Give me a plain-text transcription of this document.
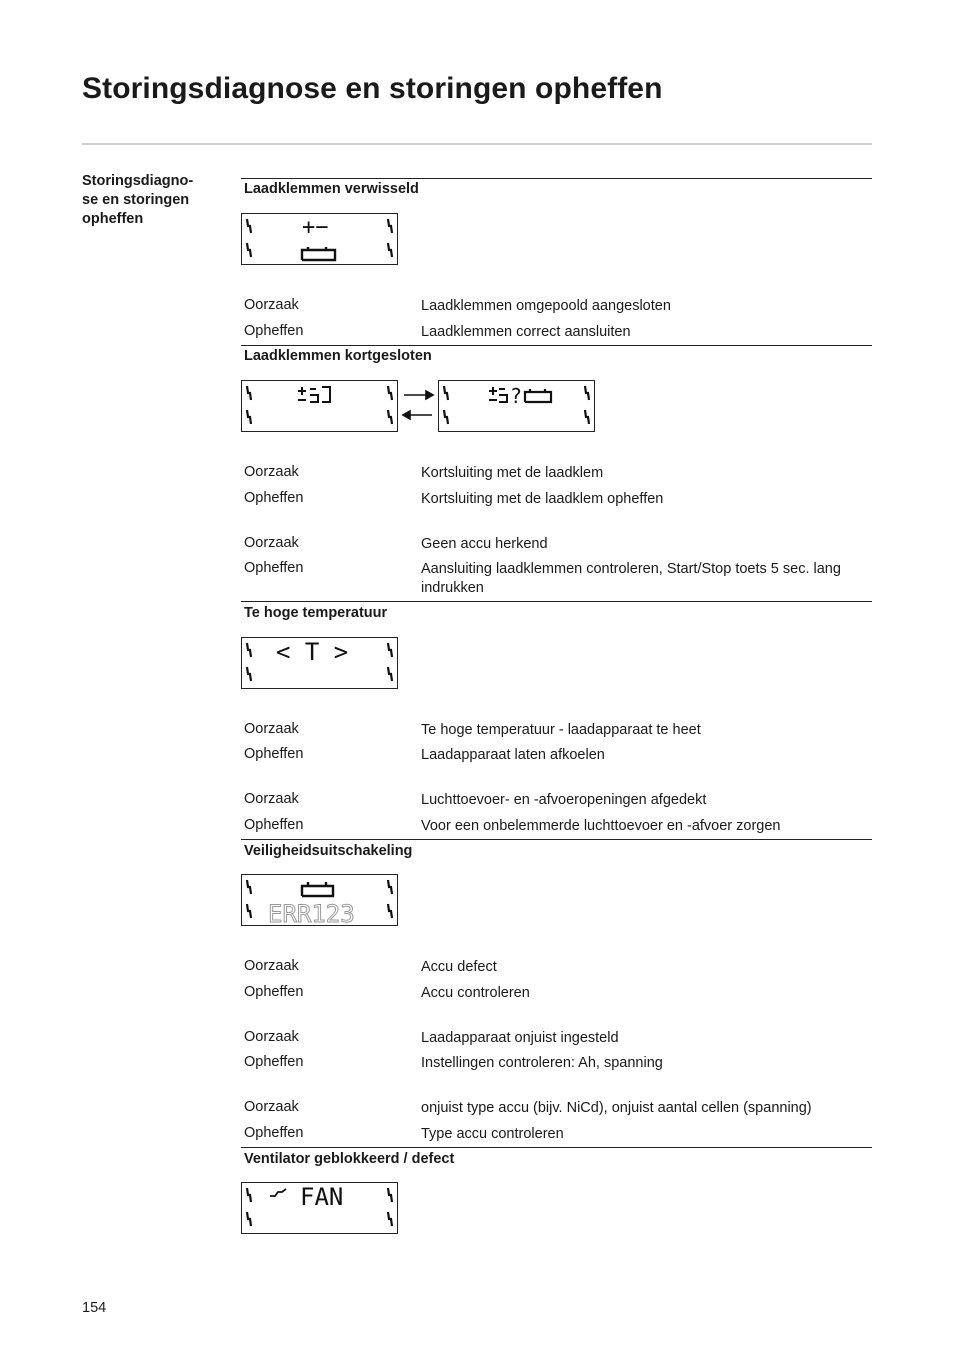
Storingsdiagnose en storingen opheffen
Storingsdiagno-
se en storingen
opheffen
Laadklemmen verwisseld
+−
Oorzaak	Laadklemmen omgepoold aangesloten
Opheffen	Laadklemmen correct aansluiten
Laadklemmen kortgesloten
?
Oorzaak	Kortsluiting met de laadklem
Opheffen	Kortsluiting met de laadklem opheffen
Oorzaak	Geen accu herkend
Opheffen	Aansluiting laadklemmen controleren, Start/Stop toets 5 sec. lang indrukken
Te hoge temperatuur
< T >
Oorzaak	Te hoge temperatuur - laadapparaat te heet
Opheffen	Laadapparaat laten afkoelen
Oorzaak	Luchttoevoer- en -afvoeropeningen afgedekt
Opheffen	Voor een onbelemmerde luchttoevoer en -afvoer zorgen
Veiligheidsuitschakeling
ERR123
Oorzaak	Accu defect
Opheffen	Accu controleren
Oorzaak	Laadapparaat onjuist ingesteld
Opheffen	Instellingen controleren: Ah, spanning
Oorzaak	onjuist type accu (bijv. NiCd), onjuist aantal cellen (spanning)
Opheffen	Type accu controleren
Ventilator geblokkeerd / defect
FAN
154
